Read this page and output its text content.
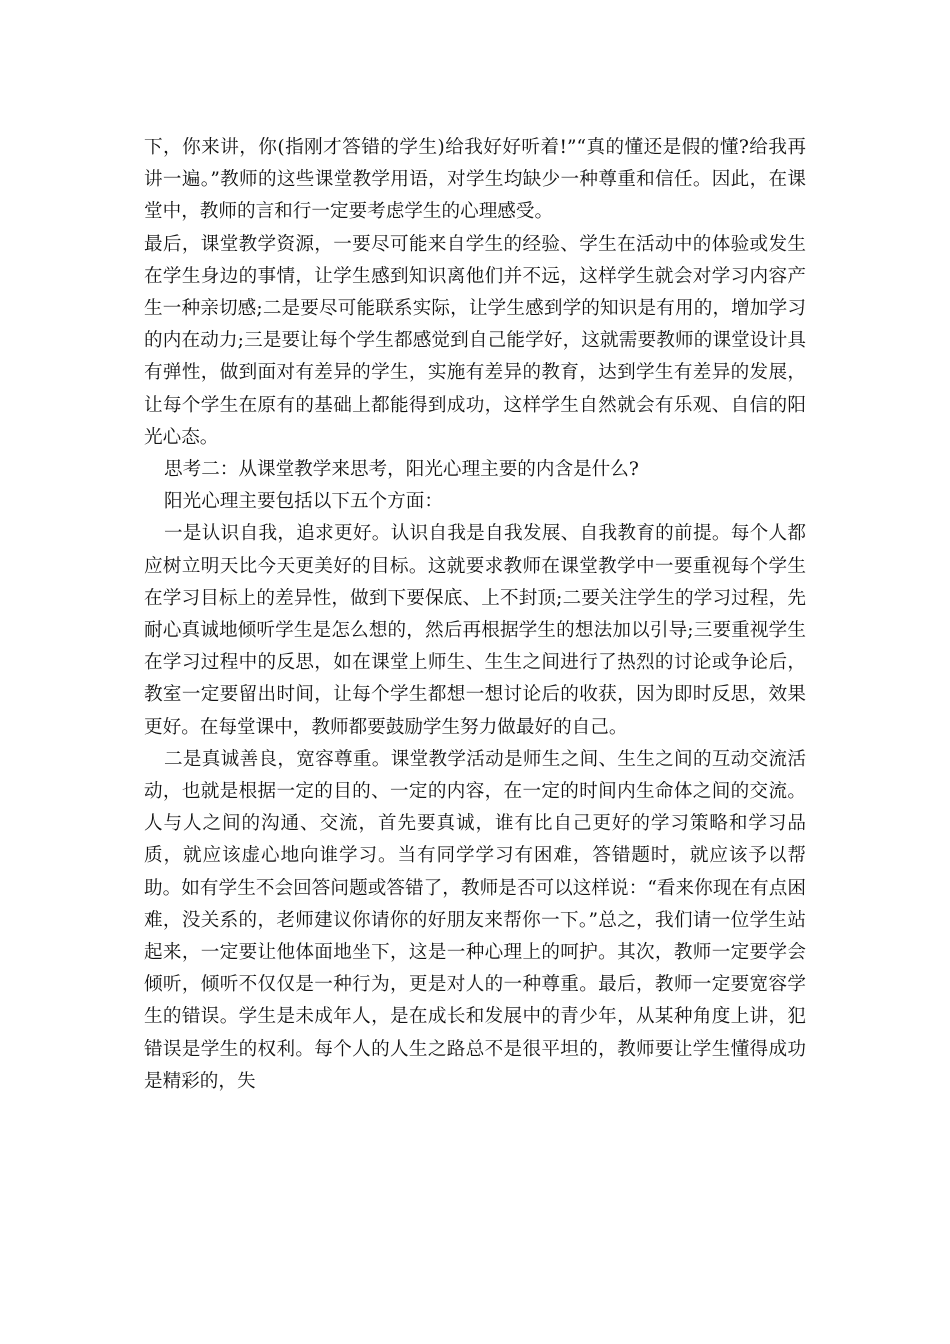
下，你来讲，你(指刚才答错的学生)给我好好听着!”“真的懂还是假的懂?给我再讲一遍。”教师的这些课堂教学用语，对学生均缺少一种尊重和信任。因此，在课堂中，教师的言和行一定要考虑学生的心理感受。

最后，课堂教学资源，一要尽可能来自学生的经验、学生在活动中的体验或发生在学生身边的事情，让学生感到知识离他们并不远，这样学生就会对学习内容产生一种亲切感;二是要尽可能联系实际，让学生感到学的知识是有用的，增加学习的内在动力;三是要让每个学生都感觉到自己能学好，这就需要教师的课堂设计具有弹性，做到面对有差异的学生，实施有差异的教育，达到学生有差异的发展，让每个学生在原有的基础上都能得到成功，这样学生自然就会有乐观、自信的阳光心态。

思考二：从课堂教学来思考，阳光心理主要的内含是什么?

阳光心理主要包括以下五个方面：

一是认识自我，追求更好。认识自我是自我发展、自我教育的前提。每个人都应树立明天比今天更美好的目标。这就要求教师在课堂教学中一要重视每个学生在学习目标上的差异性，做到下要保底、上不封顶;二要关注学生的学习过程，先耐心真诚地倾听学生是怎么想的，然后再根据学生的想法加以引导;三要重视学生在学习过程中的反思，如在课堂上师生、生生之间进行了热烈的讨论或争论后，教室一定要留出时间，让每个学生都想一想讨论后的收获，因为即时反思，效果更好。在每堂课中，教师都要鼓励学生努力做最好的自己。

二是真诚善良，宽容尊重。课堂教学活动是师生之间、生生之间的互动交流活动，也就是根据一定的目的、一定的内容，在一定的时间内生命体之间的交流。人与人之间的沟通、交流，首先要真诚，谁有比自己更好的学习策略和学习品质，就应该虚心地向谁学习。当有同学学习有困难，答错题时，就应该予以帮助。如有学生不会回答问题或答错了，教师是否可以这样说：“看来你现在有点困难，没关系的，老师建议你请你的好朋友来帮你一下。”总之，我们请一位学生站起来，一定要让他体面地坐下，这是一种心理上的呵护。其次，教师一定要学会倾听，倾听不仅仅是一种行为，更是对人的一种尊重。最后，教师一定要宽容学生的错误。学生是未成年人，是在成长和发展中的青少年，从某种角度上讲，犯错误是学生的权利。每个人的人生之路总不是很平坦的，教师要让学生懂得成功是精彩的，失
